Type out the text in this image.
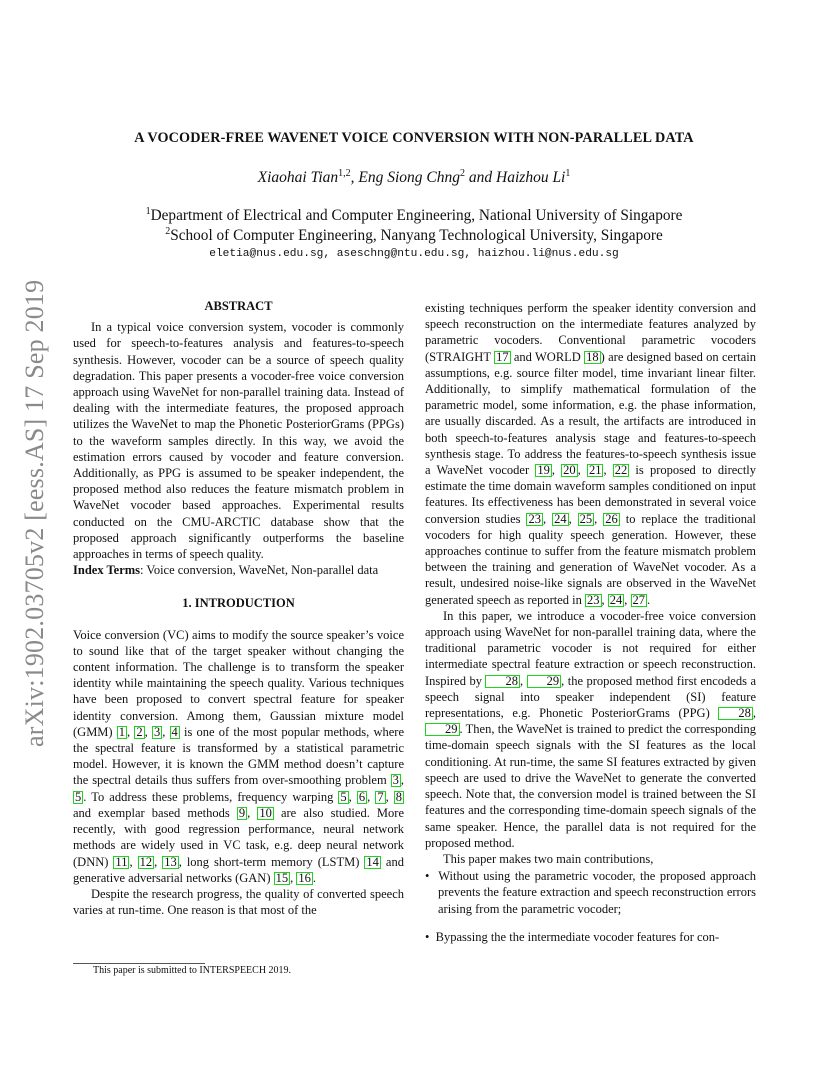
arXiv:1902.03705v2 [eess.AS] 17 Sep 2019
A VOCODER-FREE WAVENET VOICE CONVERSION WITH NON-PARALLEL DATA
Xiaohai Tian$^{1,2}$, Eng Siong Chng$^2$ and Haizhou Li$^1$
$^1$Department of Electrical and Computer Engineering, National University of Singapore
$^2$School of Computer Engineering, Nanyang Technological University, Singapore
eletia@nus.edu.sg, aseschng@ntu.edu.sg, haizhou.li@nus.edu.sg

ABSTRACT

In a typical voice conversion system, vocoder is commonly used for speech-to-features analysis and features-to-speech synthesis. However, vocoder can be a source of speech quality degradation. This paper presents a vocoder-free voice conversion approach using WaveNet for non-parallel training data. Instead of dealing with the intermediate features, the proposed approach utilizes the WaveNet to map the Phonetic PosteriorGrams (PPGs) to the waveform samples directly. In this way, we avoid the estimation errors caused by vocoder and feature conversion. Additionally, as PPG is assumed to be speaker independent, the proposed method also reduces the feature mismatch problem in WaveNet vocoder based approaches. Experimental results conducted on the CMU-ARCTIC database show that the proposed approach significantly outperforms the baseline approaches in terms of speech quality.

Index Terms: Voice conversion, WaveNet, Non-parallel data

1. INTRODUCTION

Voice conversion (VC) aims to modify the source speaker’s voice to sound like that of the target speaker without changing the content information. The challenge is to transform the speaker identity while maintaining the speech quality. Various techniques have been proposed to convert spectral feature for speaker identity conversion. Among them, Gaussian mixture model (GMM) 1 , 2 , 3 , 4 is one of the most popular methods, where the spectral feature is transformed by a statistical parametric model. However, it is known the GMM method doesn’t capture the spectral details thus suffers from over-smoothing problem 3 , 5 . To address these problems, frequency warping 5 , 6 , 7 , 8 and exemplar based methods 9 , 10 are also studied. More recently, with good regression performance, neural network methods are widely used in VC task, e.g. deep neural network (DNN) 11 , 12 , 13 , long short-term memory (LSTM) 14 and generative adversarial networks (GAN) 15 , 16 .

Despite the research progress, the quality of converted speech varies at run-time. One reason is that most of the

This paper is submitted to INTERSPEECH 2019.

existing techniques perform the speaker identity conversion and speech reconstruction on the intermediate features analyzed by parametric vocoders. Conventional parametric vocoders (STRAIGHT 17 and WORLD 18 ) are designed based on certain assumptions, e.g. source filter model, time invariant linear filter. Additionally, to simplify mathematical formulation of the parametric model, some information, e.g. the phase information, are usually discarded. As a result, the artifacts are introduced in both speech-to-features analysis stage and features-to-speech synthesis stage. To address the features-to-speech synthesis issue a WaveNet vocoder 19 , 20 , 21 , 22 is proposed to directly estimate the time domain waveform samples conditioned on input features. Its effectiveness has been demonstrated in several voice conversion studies 23 , 24 , 25 , 26 to replace the traditional vocoders for high quality speech generation. However, these approaches continue to suffer from the feature mismatch problem between the training and generation of WaveNet vocoder. As a result, undesired noise-like signals are observed in the WaveNet generated speech as reported in 23 , 24 , 27 .

In this paper, we introduce a vocoder-free voice conversion approach using WaveNet for non-parallel training data, where the traditional parametric vocoder is not required for either intermediate spectral feature extraction or speech reconstruction. Inspired by 28 , 29 , the proposed method first encodeds a speech signal into speaker independent (SI) feature representations, e.g. Phonetic PosteriorGrams (PPG) 28 , 29 . Then, the WaveNet is trained to predict the corresponding time-domain speech signals with the SI features as the local conditioning. At run-time, the same SI features extracted by given speech are used to drive the WaveNet to generate the converted speech. Note that, the conversion model is trained between the SI features and the corresponding time-domain speech signals of the same speaker. Hence, the parallel data is not required for the proposed method.

This paper makes two main contributions,

•  Without using the parametric vocoder, the proposed approach prevents the feature extraction and speech reconstruction errors arising from the parametric vocoder;

•  Bypassing the the intermediate vocoder features for con-
